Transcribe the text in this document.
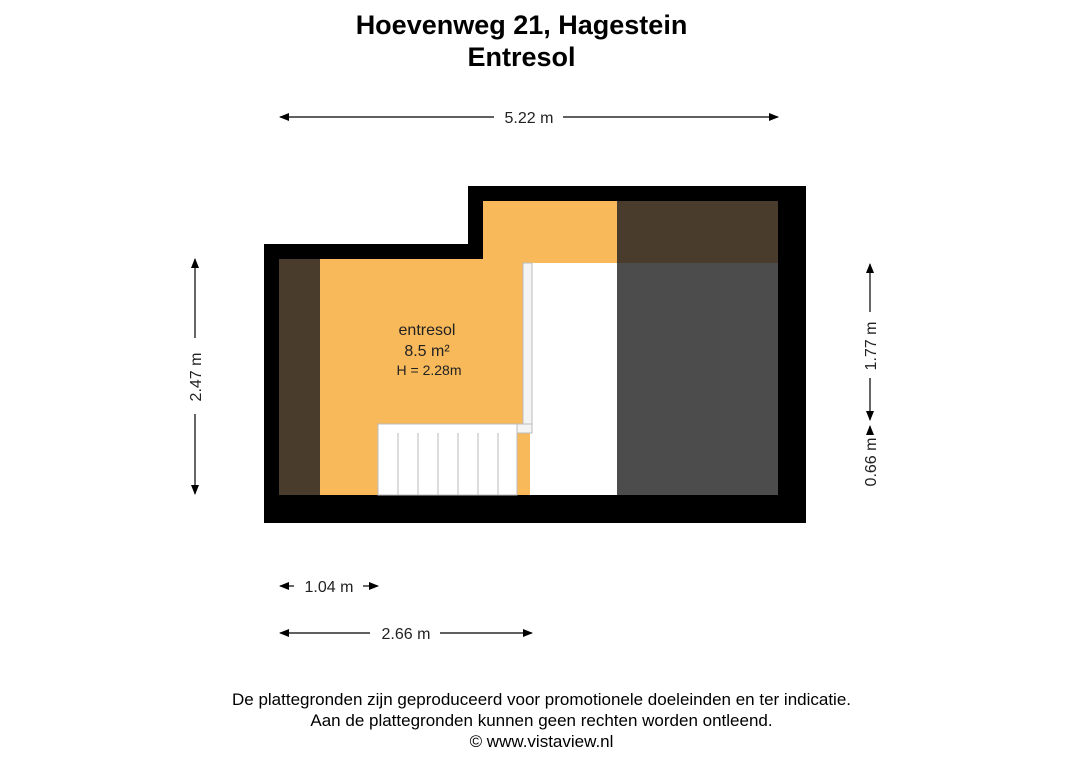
Hoevenweg 21, Hagestein
Entresol
entresol
8.5 m²
H = 2.28m
5.22 m
2.47 m
1.77 m
0.66 m
1.04 m
2.66 m
De plattegronden zijn geproduceerd voor promotionele doeleinden en ter indicatie.
Aan de plattegronden kunnen geen rechten worden ontleend.
© www.vistaview.nl
